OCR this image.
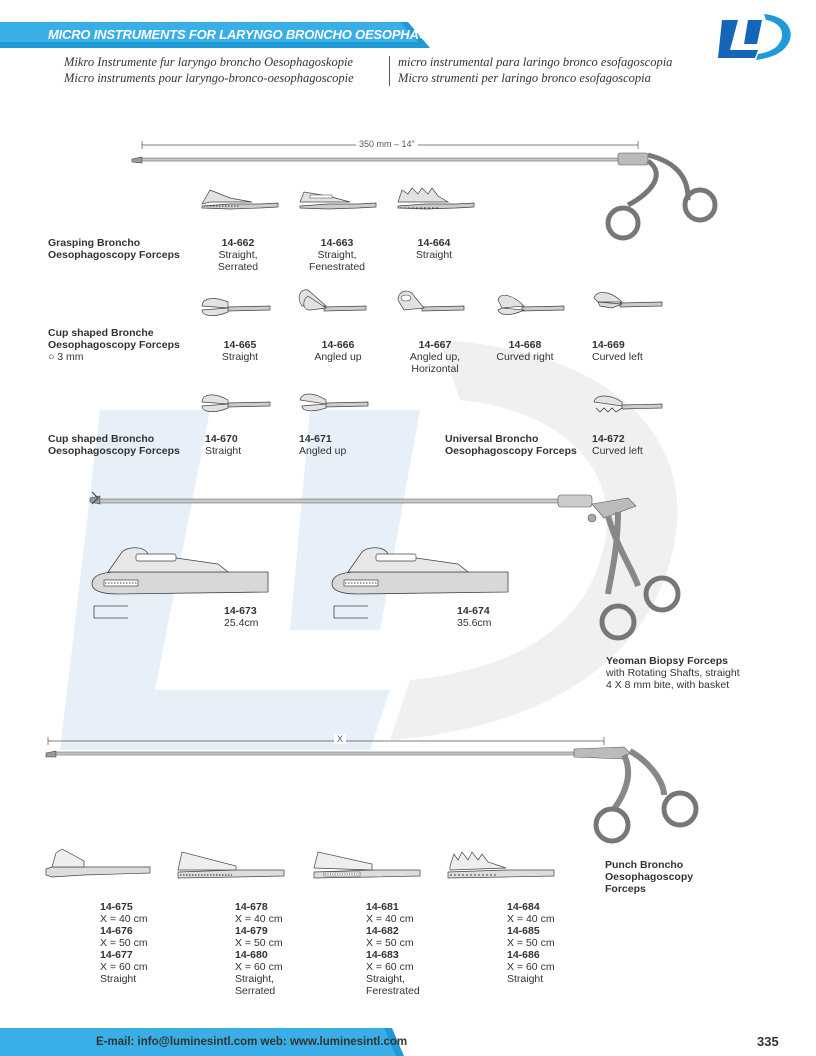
MICRO INSTRUMENTS FOR LARYNGO BRONCHO OESOPHAGOSCOPY
Mikro Instrumente fur laryngo broncho Oesophagoskopie
Micro instruments pour laryngo-bronco-oesophagoscopie
micro instrumental para laringo bronco esofagoscopia
Micro strumenti per laringo bronco esofagoscopia
350 mm – 14"
Grasping Broncho
Oesophagoscopy Forceps
14-662
Straight,
Serrated
14-663
Straight,
Fenestrated
14-664
Straight
Cup shaped Bronche
Oesophagoscopy Forceps
○ 3 mm
14-665
Straight
14-666
Angled up
14-667
Angled up,
Horizontal
14-668
Curved right
14-669
Curved left
Cup shaped Broncho
Oesophagoscopy Forceps
14-670
Straight
14-671
Angled up
Universal Broncho
Oesophagoscopy Forceps
14-672
Curved left
14-673
25.4cm
14-674
35.6cm
Yeoman Biopsy Forceps
with Rotating Shafts, straight
4 X 8 mm bite, with basket
X
14-675
X = 40 cm
14-676
X = 50 cm
14-677
X = 60 cm
Straight
14-678
X = 40 cm
14-679
X = 50 cm
14-680
X = 60 cm
Straight,
Serrated
14-681
X = 40 cm
14-682
X = 50 cm
14-683
X = 60 cm
Straight,
Ferestrated
14-684
X = 40 cm
14-685
X = 50 cm
14-686
X = 60 cm
Straight
Punch Broncho
Oesophagoscopy
Forceps
E-mail: info@luminesintl.com web: www.luminesintl.com	335
